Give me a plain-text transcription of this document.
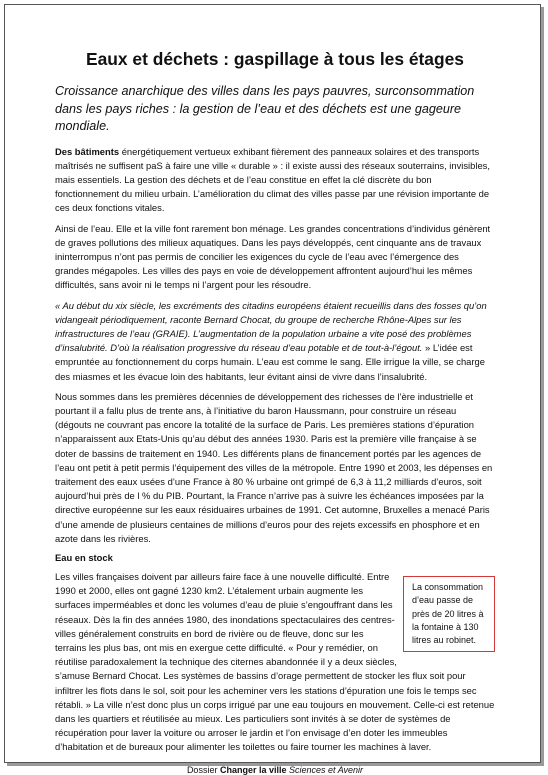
Eaux et déchets : gaspillage à tous les étages
Croissance anarchique des villes dans les pays pauvres, surconsommation dans les pays riches : la gestion de l’eau et des déchets est une gageure mondiale.

Des bâtiments énergétiquement vertueux exhibant fièrement des panneaux solaires et des transports maîtrisés ne suffisent paS à faire une ville « durable » : il existe aussi des réseaux souterrains, invisibles, mais essentiels. La gestion des déchets et de l’eau constitue en effet la clé discrète du bon fonctionnement du milieu urbain. L’amélioration du climat des villes passe par une révision importante de ces deux fonctions vitales.

Ainsi de l’eau. Elle et la ville font rarement bon ménage. Les grandes concentrations d’individus génèrent de graves pollutions des milieux aquatiques. Dans les pays développés, cent cinquante ans de travaux ininterrompus n’ont pas permis de concilier les exigences du cycle de l’eau avec l’émergence des grandes mégapoles. Les villes des pays en voie de développement affrontent aujourd’hui les mêmes difficultés, sans avoir ni le temps ni l’argent pour les résoudre.

« Au début du xix siècle, les excréments des citadins européens étaient recueillis dans des fosses qu’on vidangeait périodiquement, raconte Bernard Chocat, du groupe de recherche Rhône-Alpes sur les infrastructures de l’eau (GRAIE). L’augmentation de la population urbaine a vite posé des problèmes d’insalubrité. D’où la réalisation progressive du réseau d’eau potable et de tout-à-l’égout. » L’idée est empruntée au fonctionnement du corps humain. L’eau est comme le sang. Elle irrigue la ville, se charge des miasmes et les évacue loin des habitants, leur évitant ainsi de vivre dans l’insalubrité.

Nous sommes dans les premières décennies de développement des richesses de l’ère industrielle et pourtant il a fallu plus de trente ans, à l’initiative du baron Haussmann, pour construire un réseau (dégouts ne couvrant pas encore la totalité de la surface de Paris. Les premières stations d’épuration n’apparaissent aux Etats-Unis qu’au début des années 1930. Paris est la première ville française à se doter de bassins de traitement en 1940. Les différents plans de financement portés par les agences de l’eau ont petit à petit permis l’équipement des villes de la métropole. Entre 1990 et 2003, les dépenses en traitement des eaux usées d’une France à 80 % urbaine ont grimpé de 6,3 à 11,2 milliards d’euros, soit aujourd’hui près de l % du PIB. Pourtant, la France n’arrive pas à suivre les échéances imposées par la directive européenne sur les eaux résiduaires urbaines de 1991. Cet automne, Bruxelles a menacé Paris d’une amende de plusieurs centaines de millions d’euros pour des rejets excessifs en phosphore et en azote dans les rivières.

Eau en stock
La consommation d’eau passe de près de 20 litres à la fontaine à 130 litres au robinet.

Les villes françaises doivent par ailleurs faire face à une nouvelle difficulté. Entre 1990 et 2000, elles ont gagné 1230 km2. L’étalement urbain augmente les surfaces imperméables et donc les volumes d’eau de pluie s’engouffrant dans les réseaux. Dès la fin des années 1980, des inondations spectaculaires des centres-villes généralement construits en bord de rivière ou de fleuve, donc sur les terrains les plus bas, ont mis en exergue cette difficulté. « Pour y remédier, on réutilise paradoxalement la technique des citernes abandonnée il y a deux siècles, s’amuse Bernard Chocat. Les systèmes de bassins d’orage permettent de stocker les flux soit pour infiltrer les flots dans le sol, soit pour les acheminer vers les stations d’épuration une fois le temps sec rétabli. » La ville n’est donc plus un corps irrigué par une eau toujours en mouvement. Celle-ci est retenue dans les quartiers et réutilisée au mieux. Les particuliers sont invités à se doter de systèmes de récupération pour laver la voiture ou arroser le jardin et l’on envisage d’en doter les immeubles d’habitation et de bureaux pour alimenter les toilettes ou faire tourner les machines à laver.

Dossier Changer la ville Sciences et Avenir
